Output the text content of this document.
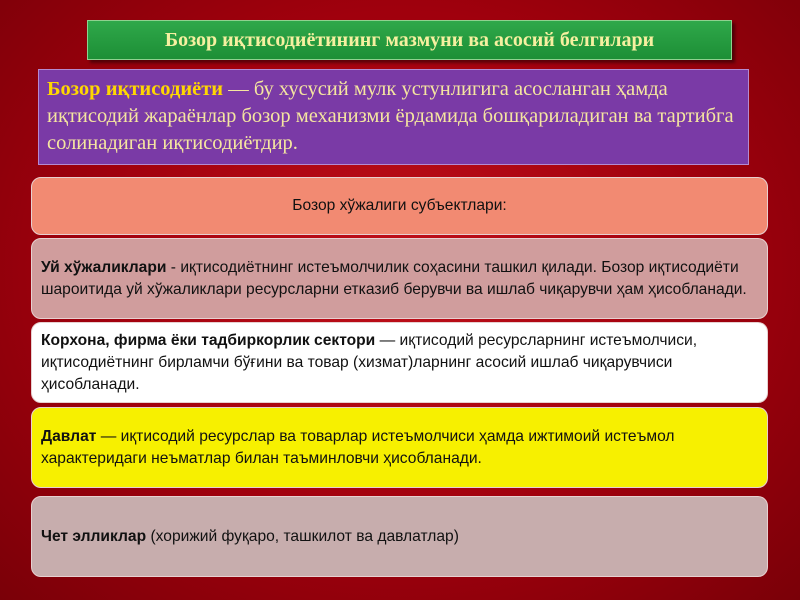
Бозор иқтисодиётининг мазмуни ва асосий белгилари
Бозор иқтисодиёти — бу хусусий мулк устунлигига асосланган ҳамда иқтисодий жараёнлар бозор механизми ёрдамида бошқариладиган ва тартибга солинадиган иқтисодиётдир.

Бозор хўжалиги субъектлари:

Уй хўжаликлари - иқтисодиётнинг истеъмолчилик соҳасини ташкил қилади. Бозор иқтисодиёти шароитида уй хўжаликлари ресурсларни етказиб берувчи ва ишлаб чиқарувчи ҳам ҳисобланади.

Корхона, фирма ёки тадбиркорлик сектори — иқтисодий ресурсларнинг истеъмолчиси, иқтисодиётнинг бирламчи бўғини ва товар (хизмат)ларнинг асосий ишлаб чиқарувчиси ҳисобланади.

Давлат — иқтисодий ресурслар ва товарлар истеъмолчиси ҳамда ижтимоий истеъмол характеридаги неъматлар билан таъминловчи ҳисобланади.

Чет элликлар (хорижий фуқаро, ташкилот ва давлатлар)
